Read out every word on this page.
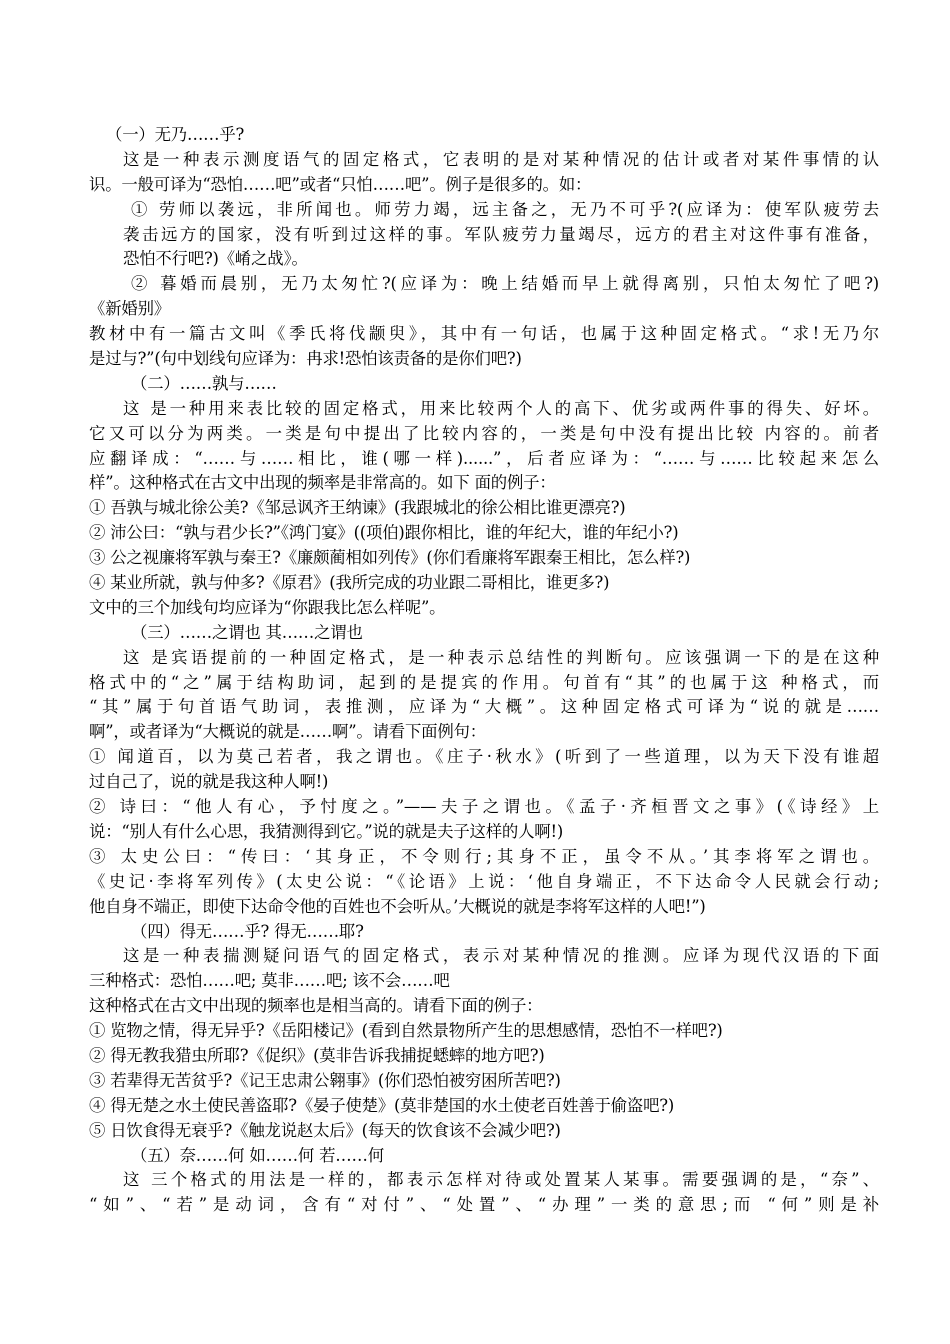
（一）无乃……乎?
这是一种表示测度语气的固定格式，它表明的是对某种情况的估计或者对某件事情的认
识。一般可译为“恐怕……吧”或者“只怕……吧”。例子是很多的。如：
① 劳师以袭远，非所闻也。师劳力竭，远主备之，无乃不可乎?(应译为：使军队疲劳去
袭击远方的国家，没有听到过这样的事。军队疲劳力量竭尽，远方的君主对这件事有准备，
恐怕不行吧?)《崤之战》。
② 暮婚而晨别，无乃太匆忙?(应译为：晚上结婚而早上就得离别，只怕太匆忙了吧?)
《新婚别》
教材中有一篇古文叫《季氏将伐颛臾》，其中有一句话，也属于这种固定格式。“求!无乃尔
是过与?”(句中划线句应译为：冉求!恐怕该责备的是你们吧?)
（二）……孰与……
这 是一种用来表比较的固定格式，用来比较两个人的高下、优劣或两件事的得失、好坏。
它又可以分为两类。一类是句中提出了比较内容的，一类是句中没有提出比较 内容的。前者
应翻译成：“……与……相比，谁(哪一样)......”，后者应译为：“……与……比较起来怎么
样”。这种格式在古文中出现的频率是非常高的。如下 面的例子：
① 吾孰与城北徐公美?《邹忌讽齐王纳谏》(我跟城北的徐公相比谁更漂亮?)
② 沛公曰：“孰与君少长?”《鸿门宴》((项伯)跟你相比，谁的年纪大，谁的年纪小?)
③ 公之视廉将军孰与秦王?《廉颇蔺相如列传》(你们看廉将军跟秦王相比，怎么样?)
④ 某业所就，孰与仲多?《原君》(我所完成的功业跟二哥相比，谁更多?)
文中的三个加线句均应译为“你跟我比怎么样呢”。
（三）……之谓也 其……之谓也
这 是宾语提前的一种固定格式，是一种表示总结性的判断句。应该强调一下的是在这种
格式中的“之”属于结构助词，起到的是提宾的作用。句首有“其”的也属于这 种格式，而
“其”属于句首语气助词，表推测，应译为“大概”。这种固定格式可译为“说的就是……
啊”，或者译为“大概说的就是……啊”。请看下面例句：
① 闻道百，以为莫己若者，我之谓也。《庄子·秋水》(听到了一些道理，以为天下没有谁超
过自己了，说的就是我这种人啊!)
② 诗曰：“他人有心，予忖度之。”——夫子之谓也。《孟子·齐桓晋文之事》(《诗经》上
说：“别人有什么心思，我猜测得到它。”说的就是夫子这样的人啊!)
③ 太史公曰：“传曰：‘其身正，不令则行;其身不正，虽令不从。’其李将军之谓也。
《史记·李将军列传》(太史公说：“《论语》上说：‘他自身端正，不下达命令人民就会行动;
他自身不端正，即使下达命令他的百姓也不会听从。’大概说的就是李将军这样的人吧!”)
（四）得无……乎? 得无……耶?
这是一种表揣测疑问语气的固定格式，表示对某种情况的推测。应译为现代汉语的下面
三种格式：恐怕……吧; 莫非……吧; 该不会……吧
这种格式在古文中出现的频率也是相当高的。请看下面的例子：
① 览物之情，得无异乎?《岳阳楼记》(看到自然景物所产生的思想感情，恐怕不一样吧?)
② 得无教我猎虫所耶?《促织》(莫非告诉我捕捉蟋蟀的地方吧?)
③ 若辈得无苦贫乎?《记王忠肃公翱事》(你们恐怕被穷困所苦吧?)
④ 得无楚之水土使民善盗耶?《晏子使楚》(莫非楚国的水土使老百姓善于偷盗吧?)
⑤ 日饮食得无衰乎?《触龙说赵太后》(每天的饮食该不会减少吧?)
（五）奈……何 如……何 若……何
这 三个格式的用法是一样的，都表示怎样对待或处置某人某事。需要强调的是，“奈”、
“如”、“若”是动词，含有“对付”、“处置”、“办理”一类的意思;而 “何”则是补
